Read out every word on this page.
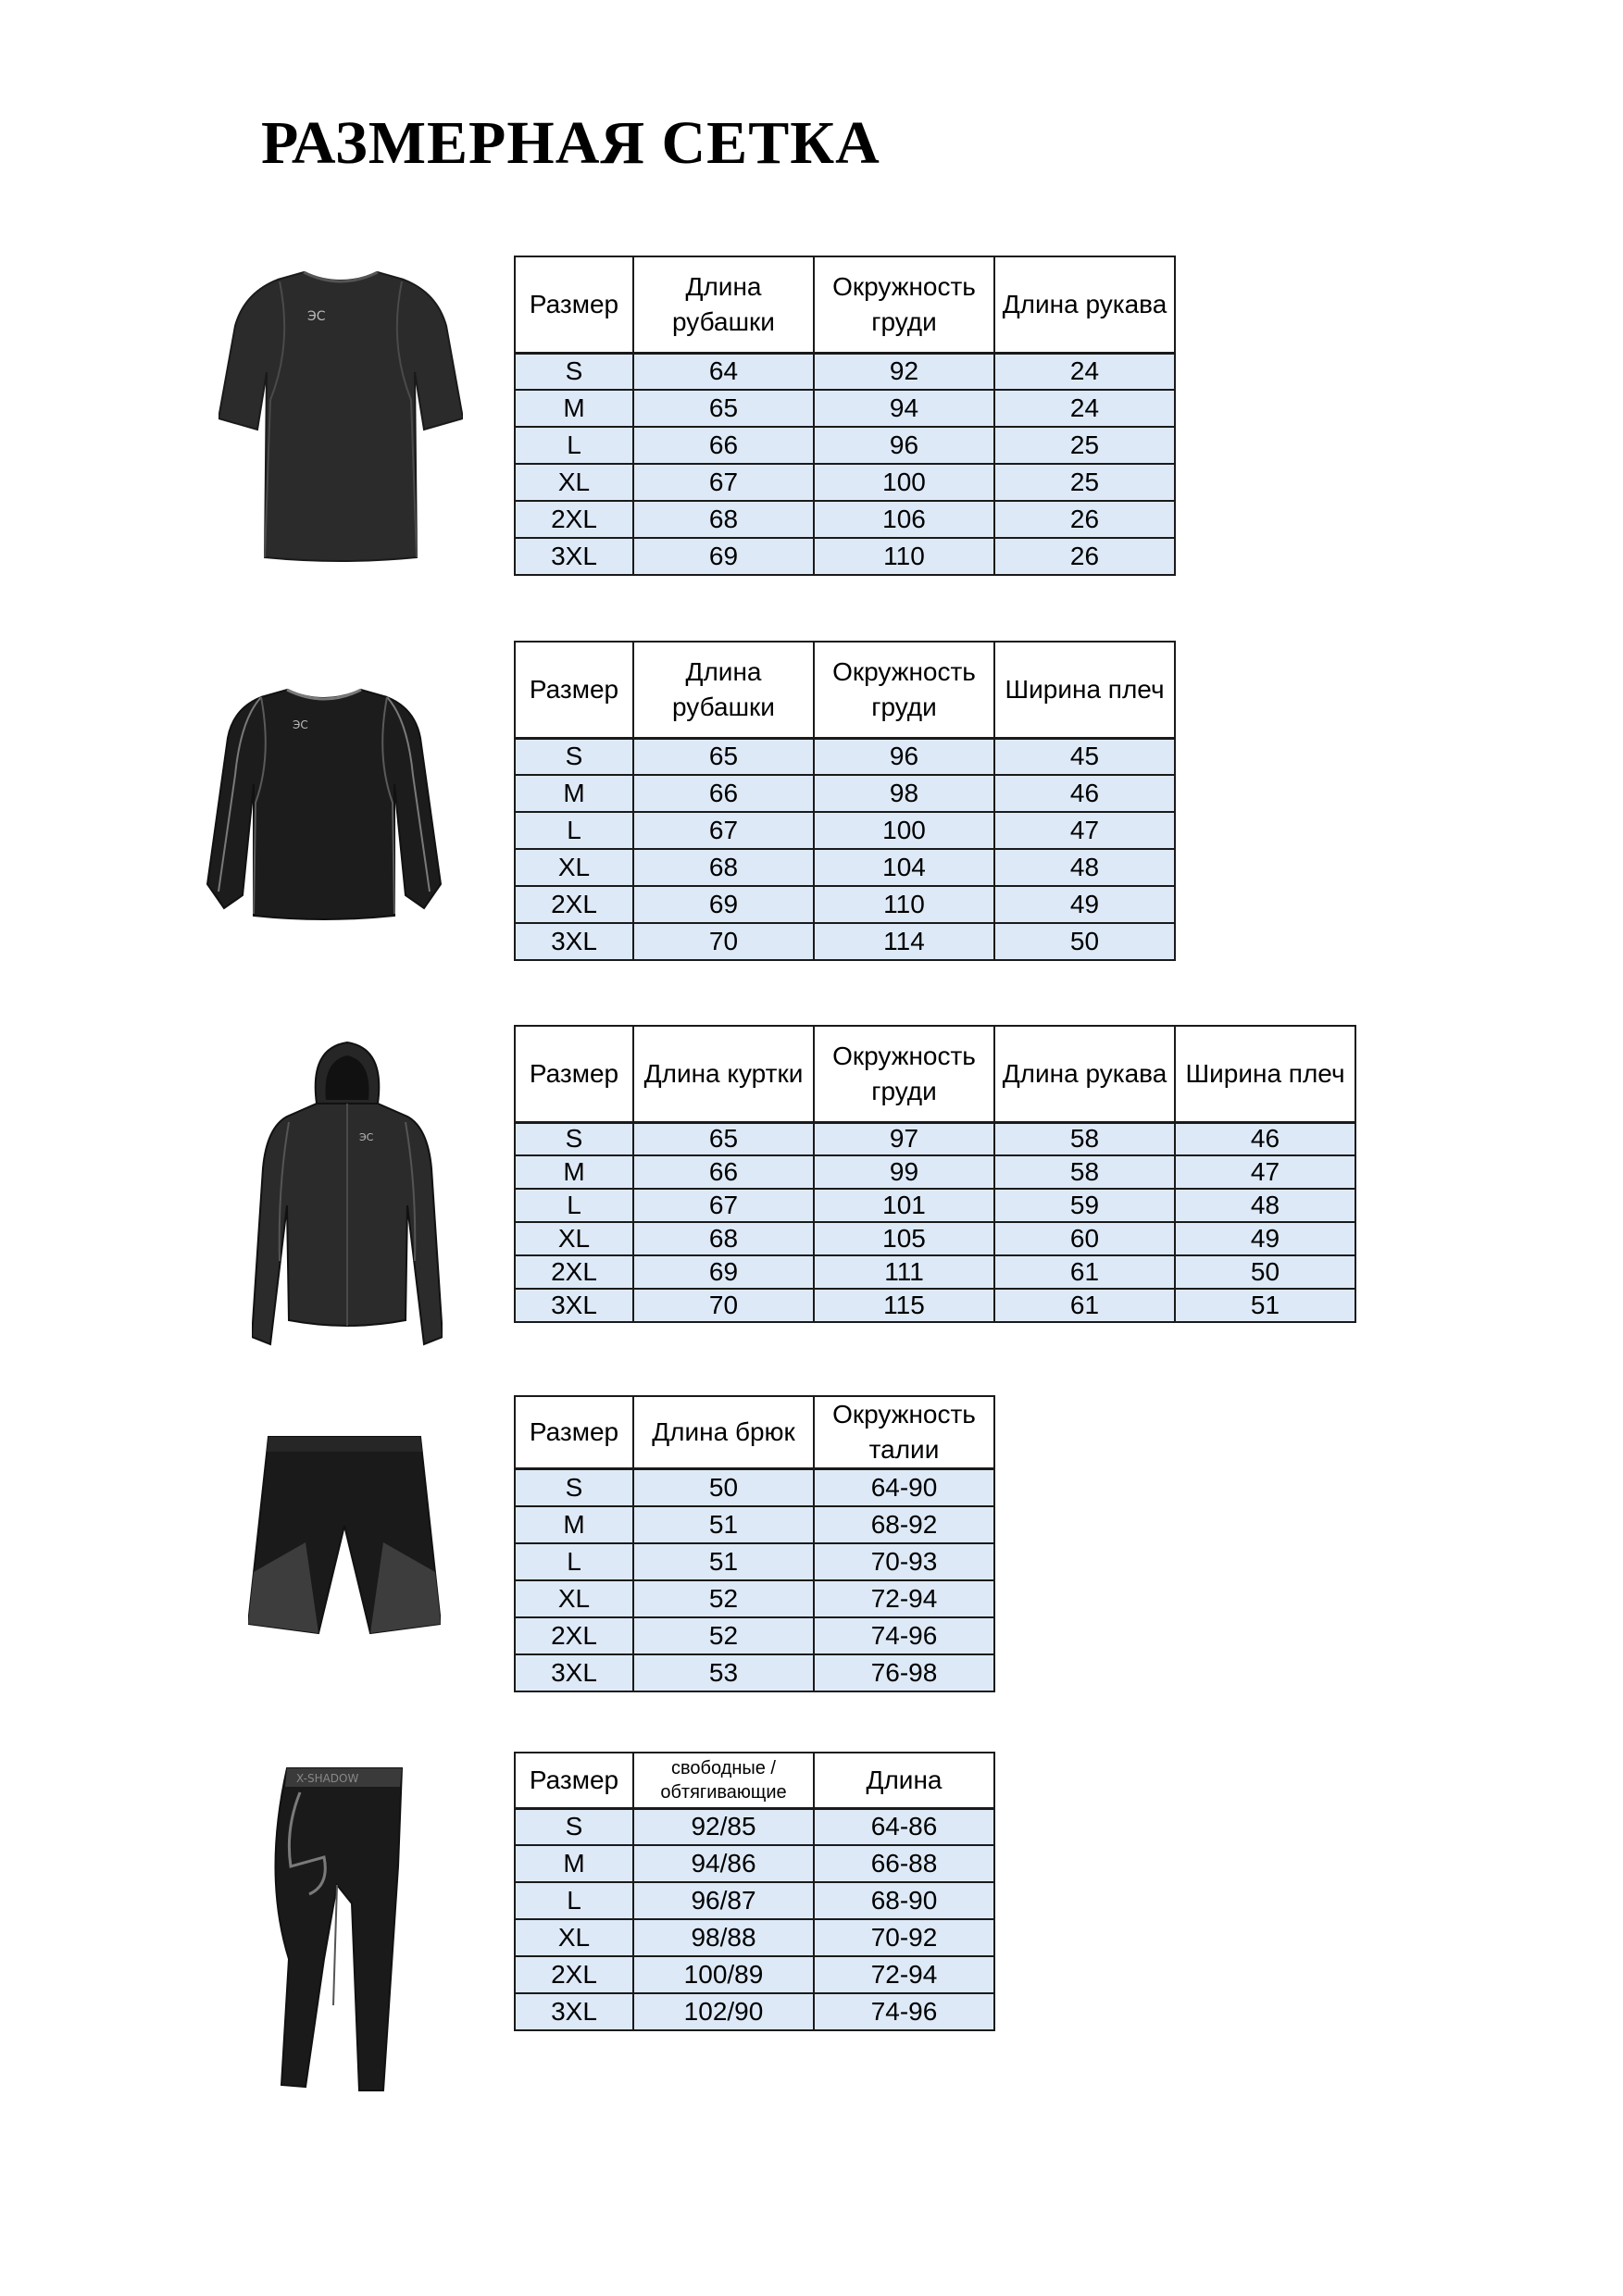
РАЗМЕРНАЯ СЕТКА
ЭС	Размер	Длина рубашки	Окружность груди	Длина рукава
S	64	92	24
M	65	94	24
L	66	96	25
XL	67	100	25
2XL	68	106	26
3XL	69	110	26
ЭС
Размер	Длина рубашки	Окружность груди	Ширина плеч
S	65	96	45
M	66	98	46
L	67	100	47
XL	68	104	48
2XL	69	110	49
3XL	70	114	50
ЭС
Размер	Длина куртки	Окружность груди	Длина рукава	Ширина плеч
S	65	97	58	46
M	66	99	58	47
L	67	101	59	48
XL	68	105	60	49
2XL	69	111	61	50
3XL	70	115	61	51
Размер	Длина брюк	Окружность талии
S	50	64-90
M	51	68-92
L	51	70-93
XL	52	72-94
2XL	52	74-96
3XL	53	76-98
X-SHADOW	Размер	свободные / обтягивающие	Длина
S	92/85	64-86
M	94/86	66-88
L	96/87	68-90
XL	98/88	70-92
2XL	100/89	72-94
3XL	102/90	74-96
